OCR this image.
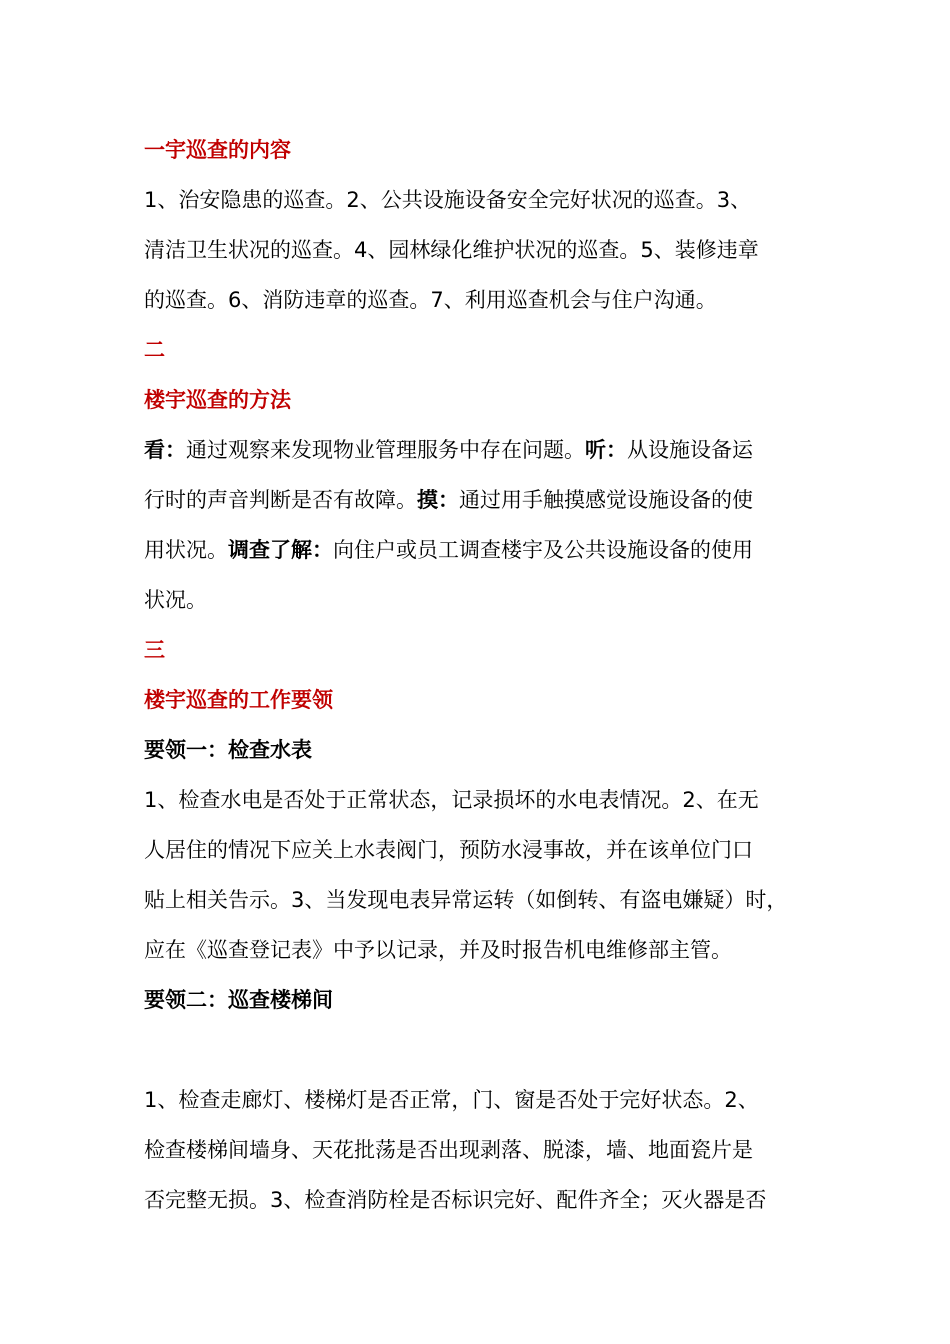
一宇巡查的内容
1、治安隐患的巡查。2、公共设施设备安全完好状况的巡查。3、
清洁卫生状况的巡查。4、园林绿化维护状况的巡查。5、装修违章
的巡查。6、消防违章的巡查。7、利用巡查机会与住户沟通。
二
楼宇巡查的方法
看：通过观察来发现物业管理服务中存在问题。听：从设施设备运
行时的声音判断是否有故障。摸：通过用手触摸感觉设施设备的使
用状况。调查了解：向住户或员工调查楼宇及公共设施设备的使用
状况。
三
楼宇巡查的工作要领
要领一：检查水表
1、检查水电是否处于正常状态，记录损坏的水电表情况。2、在无
人居住的情况下应关上水表阀门，预防水浸事故，并在该单位门口
贴上相关告示。3、当发现电表异常运转（如倒转、有盗电嫌疑）时，
应在《巡查登记表》中予以记录，并及时报告机电维修部主管。
要领二：巡查楼梯间
1、检查走廊灯、楼梯灯是否正常，门、窗是否处于完好状态。2、
检查楼梯间墙身、天花批荡是否出现剥落、脱漆，墙、地面瓷片是
否完整无损。3、检查消防栓是否标识完好、配件齐全；灭火器是否
